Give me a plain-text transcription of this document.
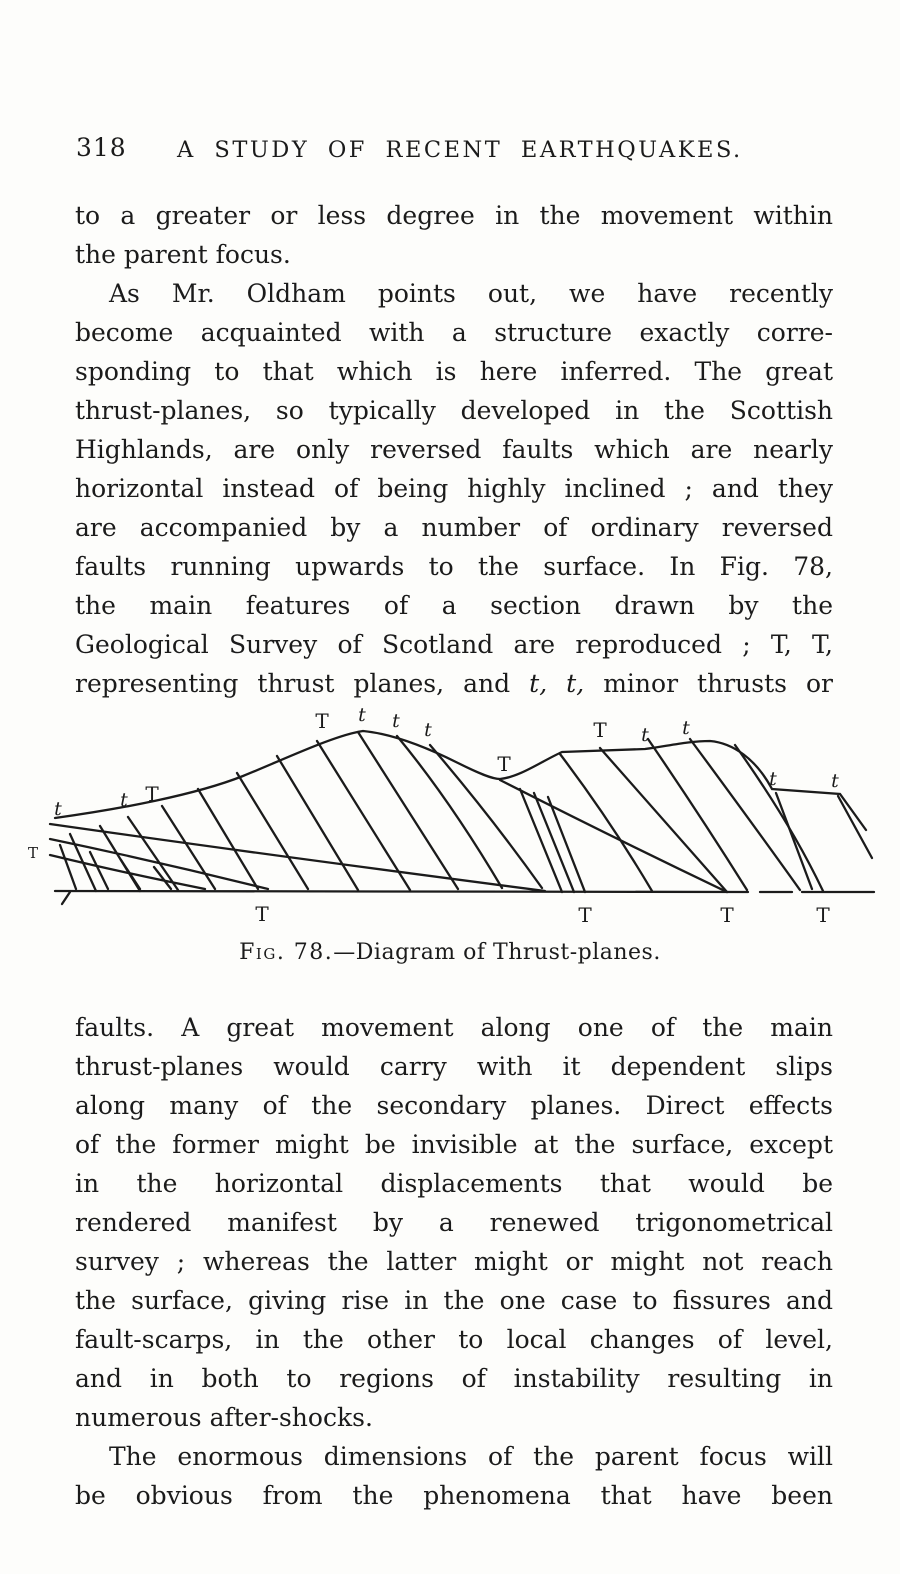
318 A STUDY OF RECENT EARTHQUAKES.
to a greater or less degree in the movement within
the parent focus.
As Mr. Oldham points out, we have recently
become acquainted with a structure exactly corre-
sponding to that which is here inferred. The great
thrust-planes, so typically developed in the Scottish
Highlands, are only reversed faults which are nearly
horizontal instead of being highly inclined ; and they
are accompanied by a number of ordinary reversed
faults running upwards to the surface. In Fig. 78,
the main features of a section drawn by the
Geological Survey of Scotland are reproduced ; T, T,
representing thrust planes, and t, t, minor thrusts or
t	t T
T t t t
T
T t t
t	t
T
T	T	T	T
Fig. 78.—Diagram of Thrust-planes.
faults. A great movement along one of the main
thrust-planes would carry with it dependent slips
along many of the secondary planes. Direct effects
of the former might be invisible at the surface, except
in the horizontal displacements that would be
rendered manifest by a renewed trigonometrical
survey ; whereas the latter might or might not reach
the surface, giving rise in the one case to fissures and
fault-scarps, in the other to local changes of level,
and in both to regions of instability resulting in
numerous after-shocks.
The enormous dimensions of the parent focus will
be obvious from the phenomena that have been
